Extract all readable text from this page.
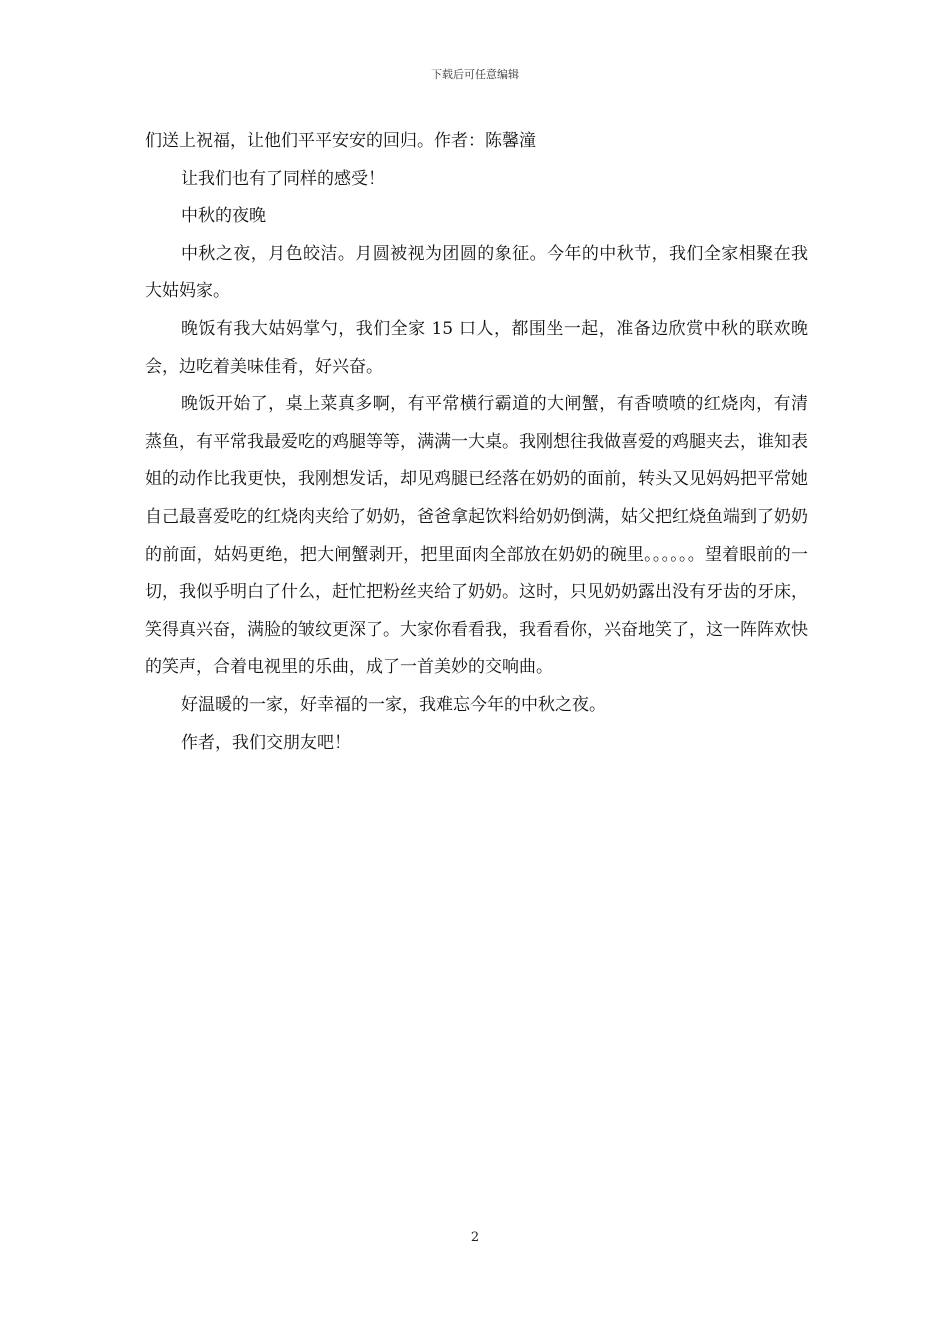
下载后可任意编辑

们送上祝福，让他们平平安安的回归。作者：陈馨潼

让我们也有了同样的感受！

中秋的夜晚

中秋之夜，月色皎洁。月圆被视为团圆的象征。今年的中秋节，我们全家相聚在我大姑妈家。

晚饭有我大姑妈掌勺，我们全家 15 口人，都围坐一起，准备边欣赏中秋的联欢晚会，边吃着美味佳肴，好兴奋。

晚饭开始了，桌上菜真多啊，有平常横行霸道的大闸蟹，有香喷喷的红烧肉，有清蒸鱼，有平常我最爱吃的鸡腿等等，满满一大桌。我刚想往我做喜爱的鸡腿夹去，谁知表姐的动作比我更快，我刚想发话，却见鸡腿已经落在奶奶的面前，转头又见妈妈把平常她自己最喜爱吃的红烧肉夹给了奶奶，爸爸拿起饮料给奶奶倒满，姑父把红烧鱼端到了奶奶的前面，姑妈更绝，把大闸蟹剥开，把里面肉全部放在奶奶的碗里。。。。。。望着眼前的一切，我似乎明白了什么，赶忙把粉丝夹给了奶奶。这时，只见奶奶露出没有牙齿的牙床，笑得真兴奋，满脸的皱纹更深了。大家你看看我，我看看你，兴奋地笑了，这一阵阵欢快的笑声，合着电视里的乐曲，成了一首美妙的交响曲。

好温暖的一家，好幸福的一家，我难忘今年的中秋之夜。

作者，我们交朋友吧！

2
